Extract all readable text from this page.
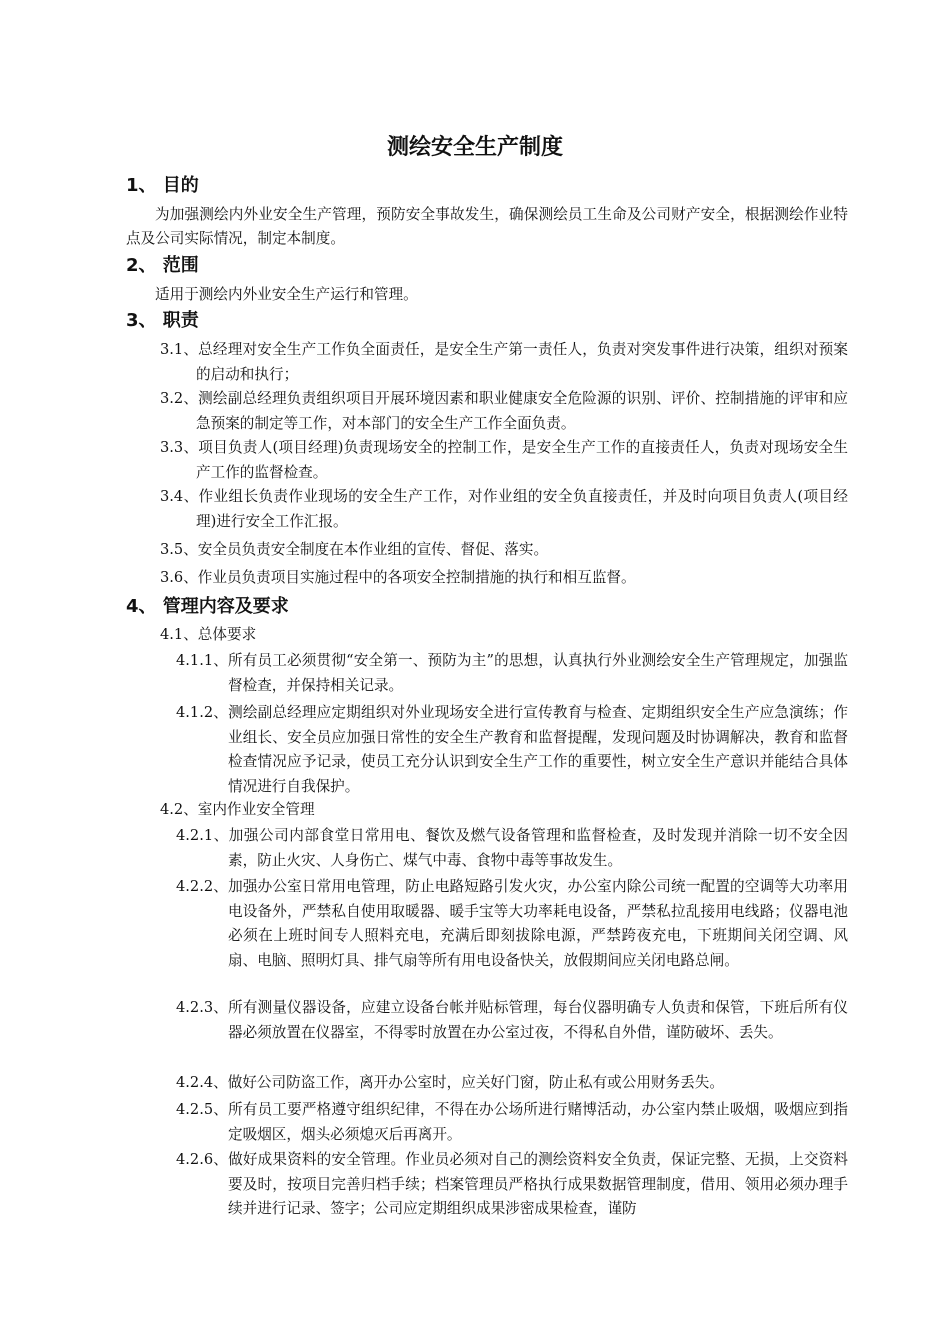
测绘安全生产制度
1、 目的
为加强测绘内外业安全生产管理，预防安全事故发生，确保测绘员工生命及公司财产安全，根据测绘作业特点及公司实际情况，制定本制度。
2、 范围
适用于测绘内外业安全生产运行和管理。
3、 职责
3.1、总经理对安全生产工作负全面责任，是安全生产第一责任人，负责对突发事件进行决策，组织对预案的启动和执行；
3.2、测绘副总经理负责组织项目开展环境因素和职业健康安全危险源的识别、评价、控制措施的评审和应急预案的制定等工作，对本部门的安全生产工作全面负责。
3.3、项目负责人(项目经理)负责现场安全的控制工作，是安全生产工作的直接责任人，负责对现场安全生产工作的监督检查。
3.4、作业组长负责作业现场的安全生产工作，对作业组的安全负直接责任，并及时向项目负责人(项目经理)进行安全工作汇报。
3.5、安全员负责安全制度在本作业组的宣传、督促、落实。
3.6、作业员负责项目实施过程中的各项安全控制措施的执行和相互监督。
4、 管理内容及要求
4.1、总体要求
4.1.1、所有员工必须贯彻“安全第一、预防为主”的思想，认真执行外业测绘安全生产管理规定，加强监督检查，并保持相关记录。
4.1.2、测绘副总经理应定期组织对外业现场安全进行宣传教育与检查、定期组织安全生产应急演练；作业组长、安全员应加强日常性的安全生产教育和监督提醒，发现问题及时协调解决，教育和监督检查情况应予记录，使员工充分认识到安全生产工作的重要性，树立安全生产意识并能结合具体情况进行自我保护。
4.2、室内作业安全管理
4.2.1、加强公司内部食堂日常用电、餐饮及燃气设备管理和监督检查，及时发现并消除一切不安全因素，防止火灾、人身伤亡、煤气中毒、食物中毒等事故发生。
4.2.2、加强办公室日常用电管理，防止电路短路引发火灾，办公室内除公司统一配置的空调等大功率用电设备外，严禁私自使用取暖器、暖手宝等大功率耗电设备，严禁私拉乱接用电线路；仪器电池必须在上班时间专人照料充电，充满后即刻拔除电源，严禁跨夜充电，下班期间关闭空调、风扇、电脑、照明灯具、排气扇等所有用电设备快关，放假期间应关闭电路总闸。
4.2.3、所有测量仪器设备，应建立设备台帐并贴标管理，每台仪器明确专人负责和保管，下班后所有仪器必须放置在仪器室，不得零时放置在办公室过夜，不得私自外借，谨防破坏、丢失。
4.2.4、做好公司防盗工作，离开办公室时，应关好门窗，防止私有或公用财务丢失。
4.2.5、所有员工要严格遵守组织纪律，不得在办公场所进行赌博活动，办公室内禁止吸烟，吸烟应到指定吸烟区，烟头必须熄灭后再离开。
4.2.6、做好成果资料的安全管理。作业员必须对自己的测绘资料安全负责，保证完整、无损，上交资料要及时，按项目完善归档手续；档案管理员严格执行成果数据管理制度，借用、领用必须办理手续并进行记录、签字；公司应定期组织成果涉密成果检查，谨防
